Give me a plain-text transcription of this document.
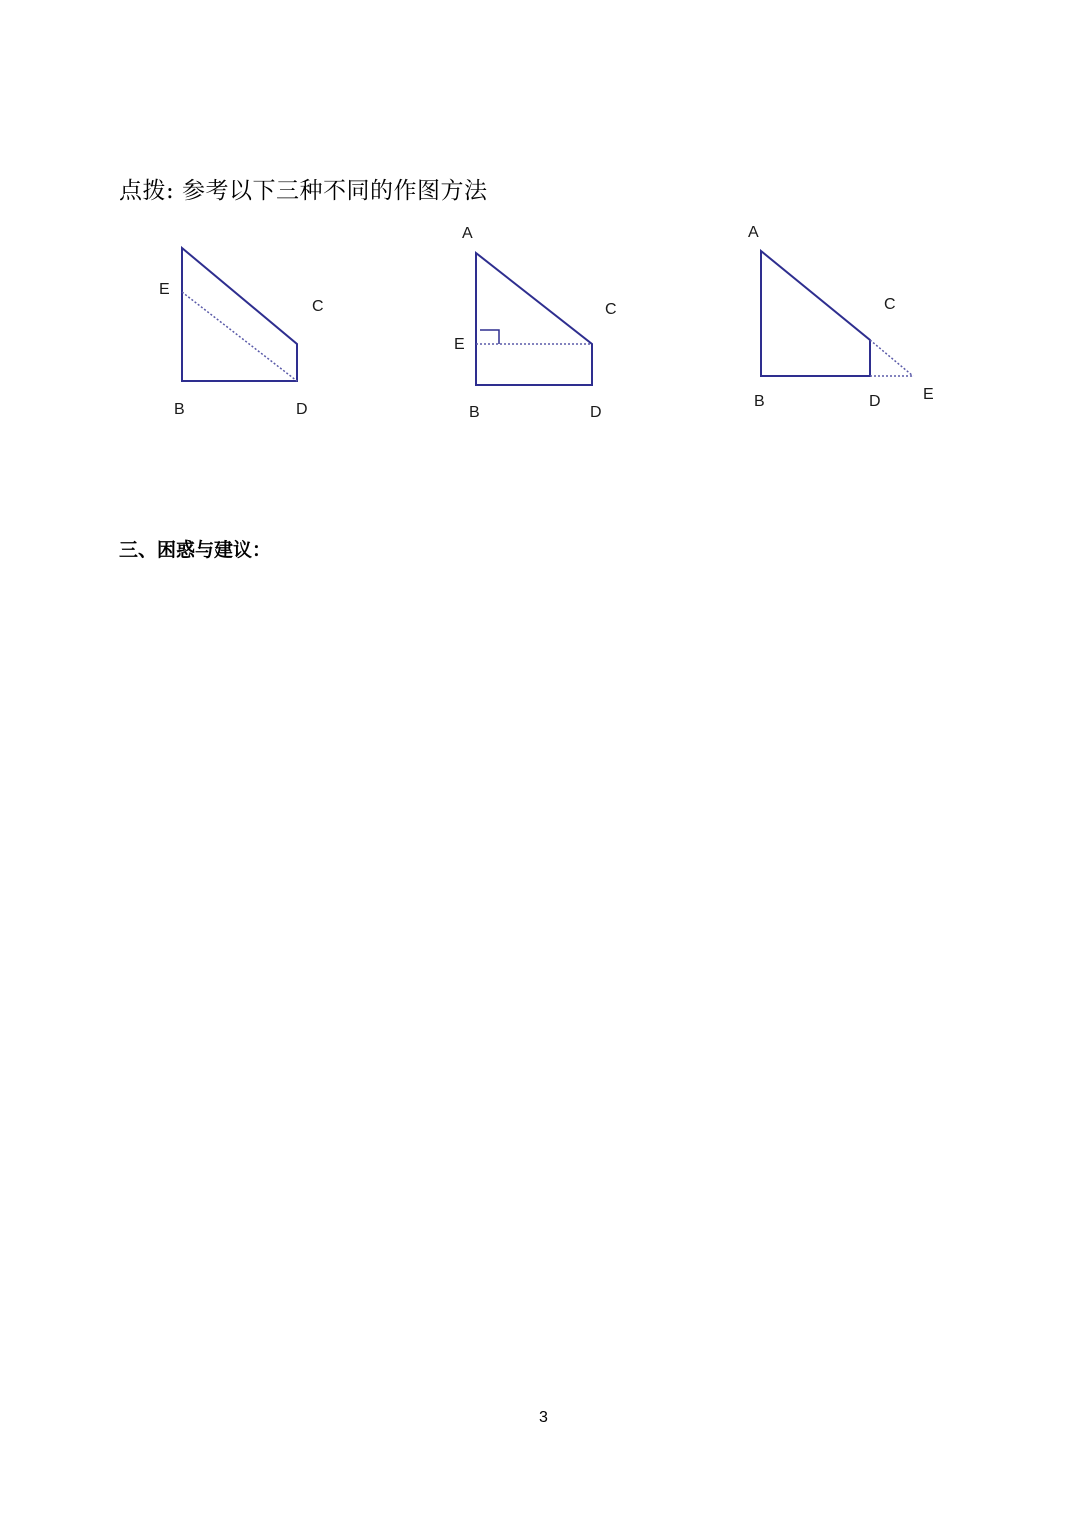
点拨: 参考以下三种不同的作图方法
E
C
B	D
A
C
E
B	D
A
C
B	D	E
三、困惑与建议：
3
